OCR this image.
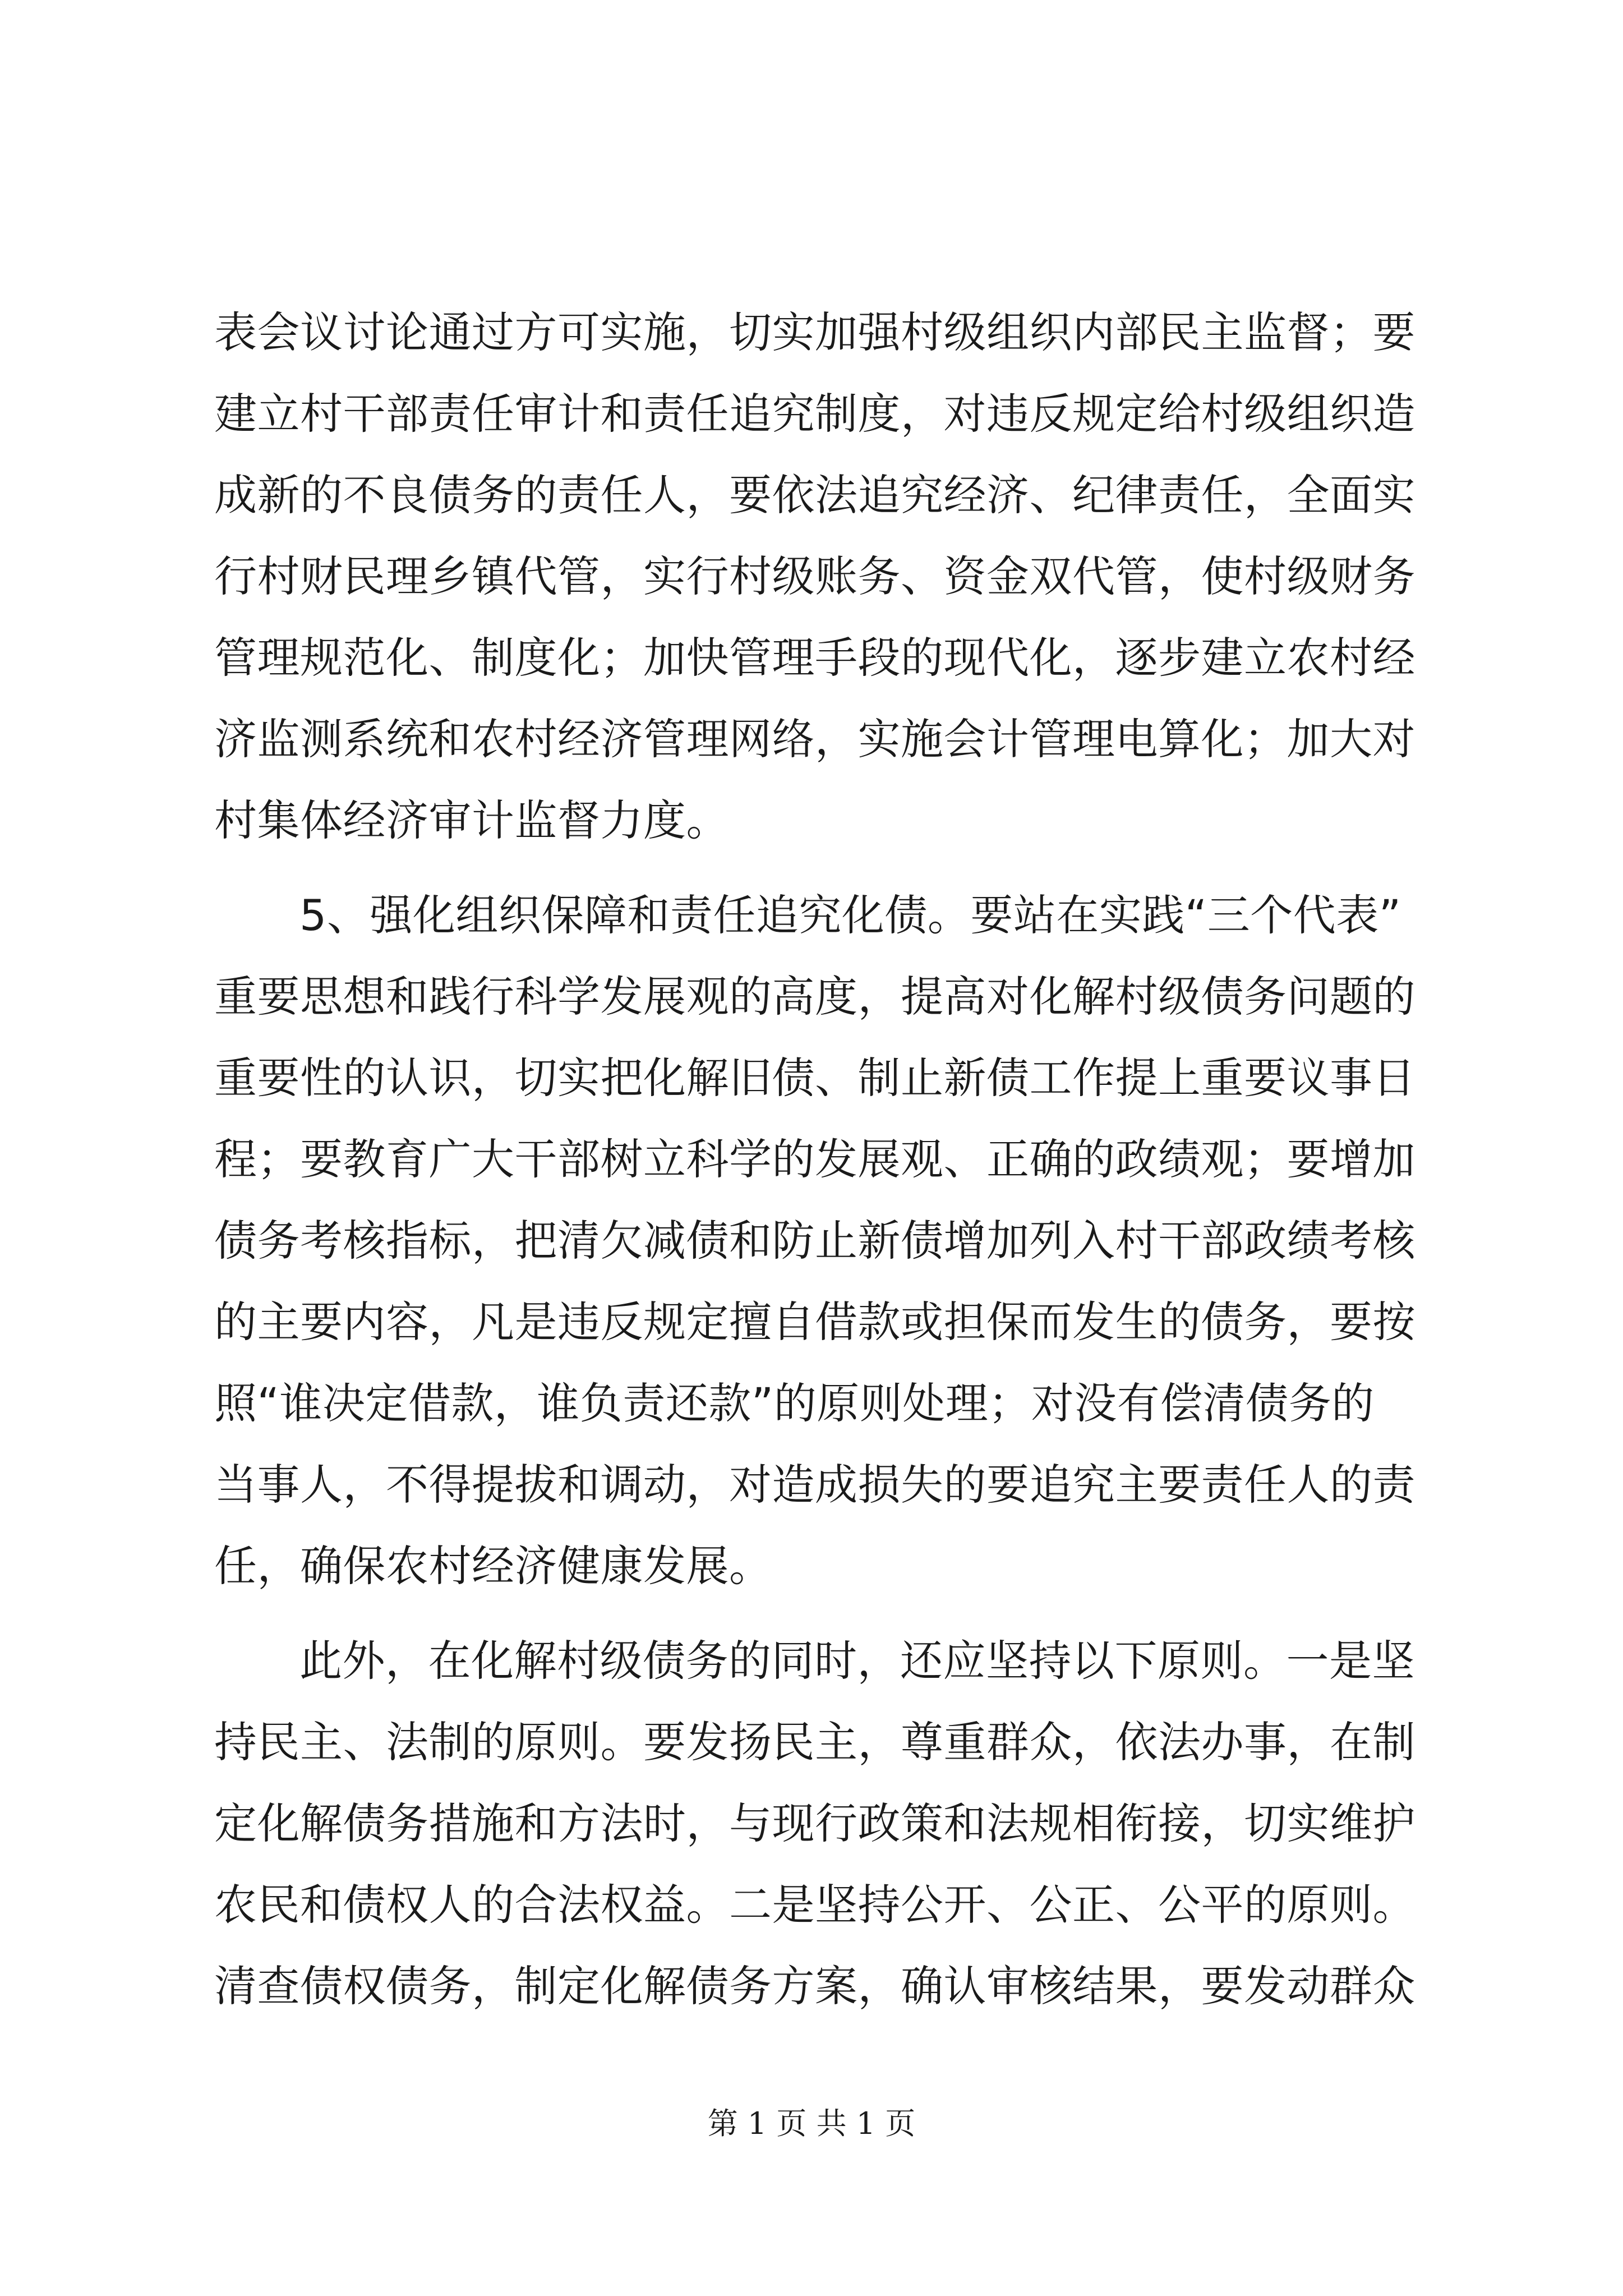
表会议讨论通过方可实施，切实加强村级组织内部民主监督；要
建立村干部责任审计和责任追究制度，对违反规定给村级组织造
成新的不良债务的责任人，要依法追究经济、纪律责任，全面实
行村财民理乡镇代管，实行村级账务、资金双代管，使村级财务
管理规范化、制度化；加快管理手段的现代化，逐步建立农村经
济监测系统和农村经济管理网络，实施会计管理电算化；加大对
村集体经济审计监督力度。
5、强化组织保障和责任追究化债。要站在实践“三个代表”
重要思想和践行科学发展观的高度，提高对化解村级债务问题的
重要性的认识，切实把化解旧债、制止新债工作提上重要议事日
程；要教育广大干部树立科学的发展观、正确的政绩观；要增加
债务考核指标，把清欠减债和防止新债增加列入村干部政绩考核
的主要内容，凡是违反规定擅自借款或担保而发生的债务，要按
照“谁决定借款，谁负责还款”的原则处理；对没有偿清债务的
当事人，不得提拔和调动，对造成损失的要追究主要责任人的责
任，确保农村经济健康发展。
此外，在化解村级债务的同时，还应坚持以下原则。一是坚
持民主、法制的原则。要发扬民主，尊重群众，依法办事，在制
定化解债务措施和方法时，与现行政策和法规相衔接，切实维护
农民和债权人的合法权益。二是坚持公开、公正、公平的原则。
清查债权债务，制定化解债务方案，确认审核结果，要发动群众
第 1 页 共 1 页
